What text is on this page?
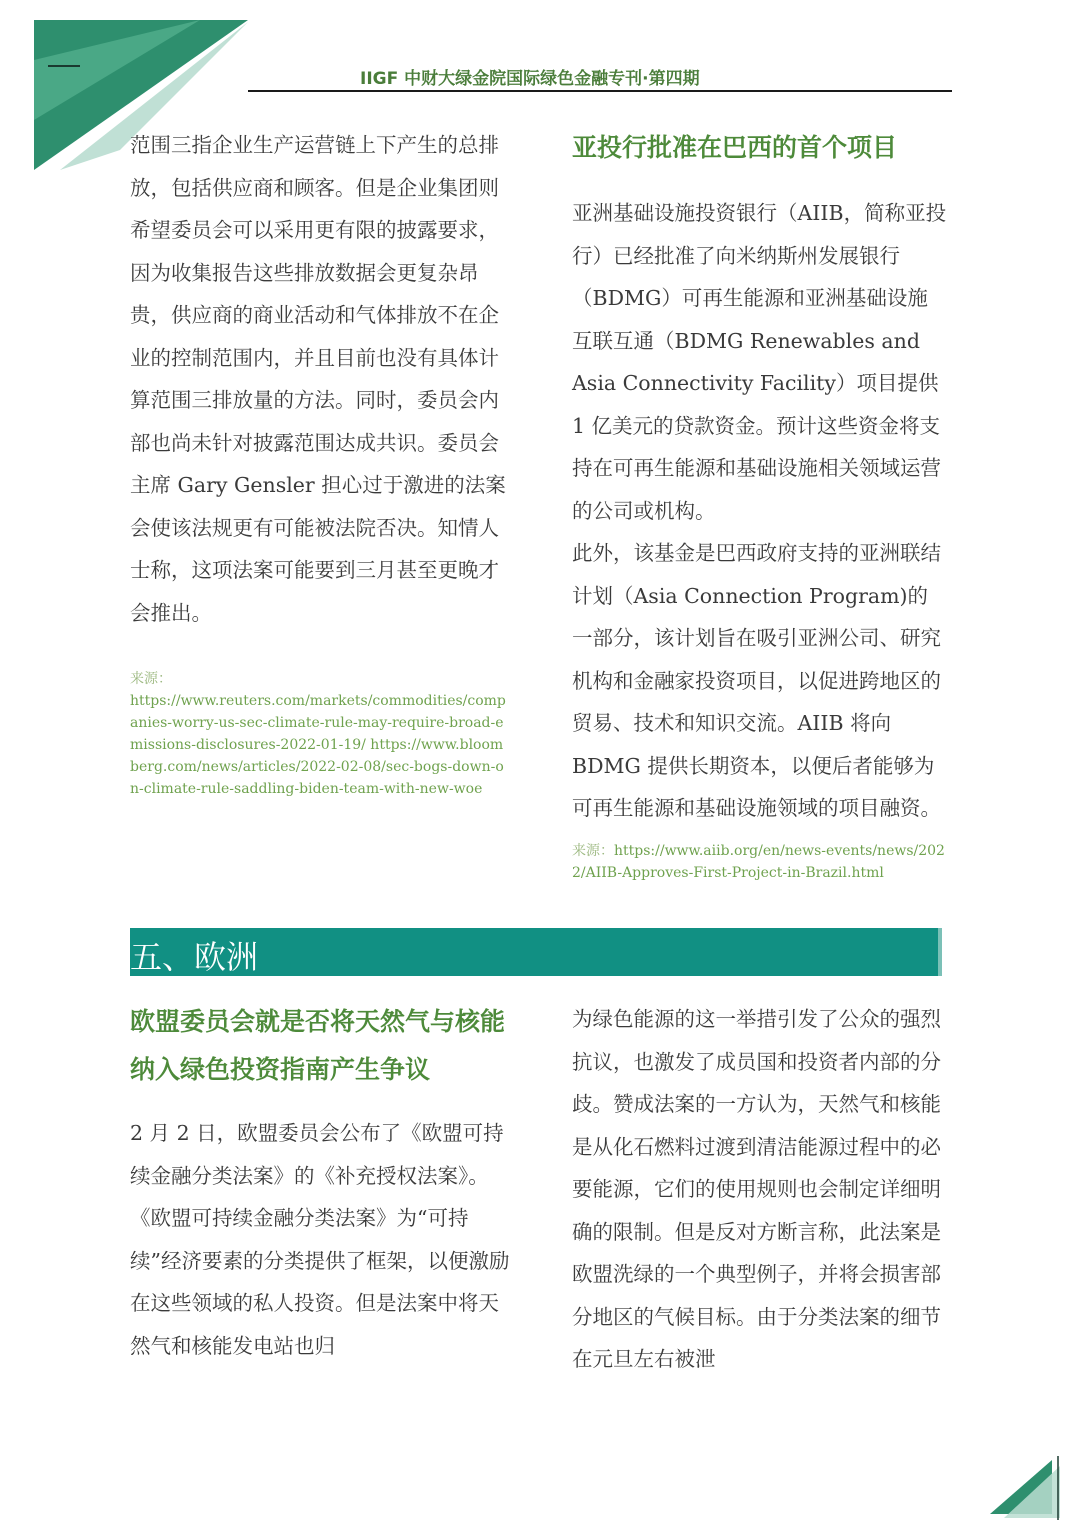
IIGF 中财大绿金院国际绿色金融专刊·第四期

范围三指企业生产运营链上下产生的总排放，包括供应商和顾客。但是企业集团则希望委员会可以采用更有限的披露要求，因为收集报告这些排放数据会更复杂昂贵，供应商的商业活动和气体排放不在企业的控制范围内，并且目前也没有具体计算范围三排放量的方法。同时，委员会内部也尚未针对披露范围达成共识。委员会主席 Gary Gensler 担心过于激进的法案会使该法规更有可能被法院否决。知情人士称，这项法案可能要到三月甚至更晚才会推出。

来源：
https://www.reuters.com/markets/commodities/companies-worry-us-sec-climate-rule-may-require-broad-emissions-disclosures-2022-01-19/ https://www.bloomberg.com/news/articles/2022-02-08/sec-bogs-down-on-climate-rule-saddling-biden-team-with-new-woe
亚投行批准在巴西的首个项目

亚洲基础设施投资银行（AIIB，简称亚投行）已经批准了向米纳斯州发展银行（BDMG）可再生能源和亚洲基础设施互联互通（BDMG Renewables and Asia Connectivity Facility）项目提供 1 亿美元的贷款资金。预计这些资金将支持在可再生能源和基础设施相关领域运营的公司或机构。

此外，该基金是巴西政府支持的亚洲联结计划（Asia Connection Program)的一部分，该计划旨在吸引亚洲公司、研究机构和金融家投资项目，以促进跨地区的贸易、技术和知识交流。AIIB 将向 BDMG 提供长期资本，以便后者能够为可再生能源和基础设施领域的项目融资。

来源：https://www.aiib.org/en/news-events/news/2022/AIIB-Approves-First-Project-in-Brazil.html
五、欧洲
欧盟委员会就是否将天然气与核能纳入绿色投资指南产生争议

2 月 2 日，欧盟委员会公布了《欧盟可持续金融分类法案》的《补充授权法案》。《欧盟可持续金融分类法案》为“可持续”经济要素的分类提供了框架，以便激励在这些领域的私人投资。但是法案中将天然气和核能发电站也归

为绿色能源的这一举措引发了公众的强烈抗议，也激发了成员国和投资者内部的分歧。赞成法案的一方认为，天然气和核能是从化石燃料过渡到清洁能源过程中的必要能源，它们的使用规则也会制定详细明确的限制。但是反对方断言称，此法案是欧盟洗绿的一个典型例子，并将会损害部分地区的气候目标。由于分类法案的细节在元旦左右被泄
